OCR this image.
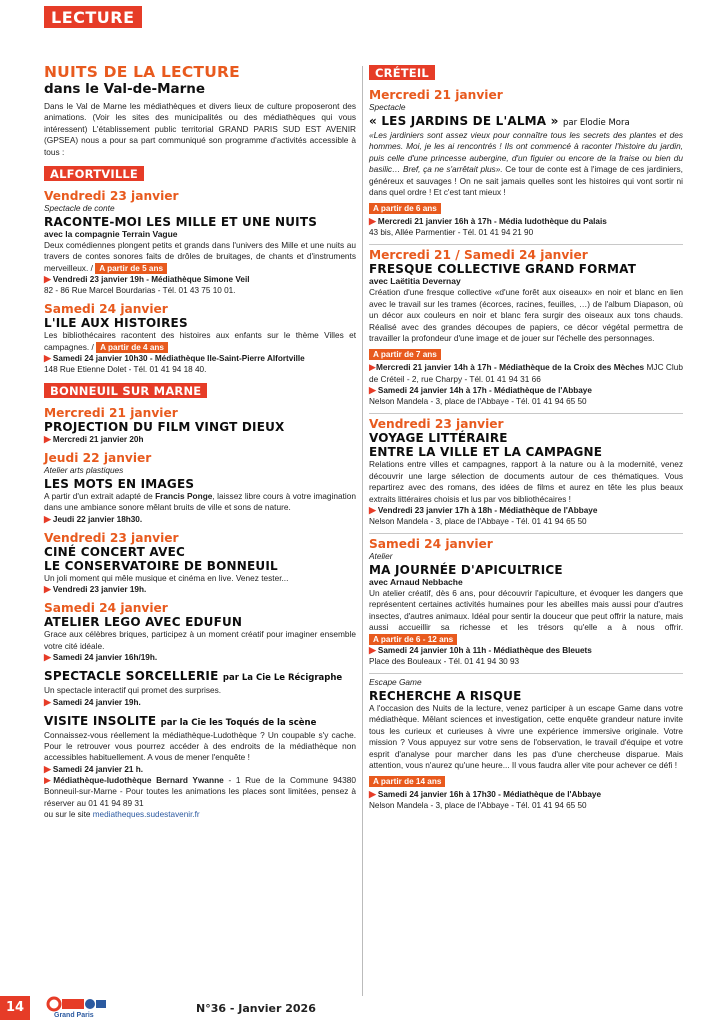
LECTURE
NUITS DE LA LECTURE
dans le Val-de-Marne

Dans le Val de Marne les médiathèques et divers lieux de culture proposeront des animations. (Voir les sites des municipalités ou des médiathèques qui vous intéressent) L'établissement public territorial GRAND PARIS SUD EST AVENIR (GPSEA) nous a pour sa part communiqué son programme d'activités accessible à tous :

ALFORTVILLE
Vendredi 23 janvier
Spectacle de conte
RACONTE-MOI LES MILLE ET UNE NUITS
avec la compagnie Terrain Vague

Deux comédiennes plongent petits et grands dans l'univers des Mille et une nuits au travers de contes sonores faits de drôles de bruitages, de chants et d'instruments merveilleux. / A partir de 5 ans

▶ Vendredi 23 janvier 19h - Médiathèque Simone Veil
82 - 86 Rue Marcel Bourdarias - Tél. 01 43 75 10 01.
Samedi 24 janvier
L'ILE AUX HISTOIRES

Les bibliothécaires racontent des histoires aux enfants sur le thème Villes et campagnes. / A partir de 4 ans

▶ Samedi 24 janvier 10h30 - Médiathèque Ile-Saint-Pierre Alfortville
148 Rue Etienne Dolet - Tél. 01 41 94 18 40.
BONNEUIL SUR MARNE
Mercredi 21 janvier
PROJECTION DU FILM VINGT DIEUX
▶ Mercredi 21 janvier 20h
Jeudi 22 janvier
Atelier arts plastiques
LES MOTS EN IMAGES

A partir d'un extrait adapté de Francis Ponge, laissez libre cours à votre imagination dans une ambiance sonore mêlant bruits de ville et sons de nature.

▶ Jeudi 22 janvier 18h30.
Vendredi 23 janvier
CINÉ CONCERT AVEC
LE CONSERVATOIRE DE BONNEUIL

Un joli moment qui mêle musique et cinéma en live. Venez tester...

▶ Vendredi 23 janvier 19h.
Samedi 24 janvier
ATELIER LEGO AVEC EDUFUN

Grace aux célèbres briques, participez à un moment créatif pour imaginer ensemble votre cité idéale.

▶ Samedi 24 janvier 16h/19h.
SPECTACLE SORCELLERIE par La Cie Le Récigraphe

Un spectacle interactif qui promet des surprises.

▶ Samedi 24 janvier 19h.
VISITE INSOLITE par la Cie les Toqués de la scène

Connaissez-vous réellement la médiathèque-Ludothèque ? Un coupable s'y cache. Pour le retrouver vous pourrez accéder à des endroits de la médiathèque non accessibles habituellement. A vous de mener l'enquête !

▶ Samedi 24 janvier 21 h.

▶Médiathèque-ludothèque Bernard Ywanne - 1 Rue de la Commune 94380 Bonneuil-sur-Marne - Pour toutes les animations les places sont limitées, pensez à réserver au 01 41 94 89 31

ou sur le site mediatheques.sudestavenir.fr
CRÉTEIL
Mercredi 21 janvier
Spectacle
« LES JARDINS DE L'ALMA » par Elodie Mora

«Les jardiniers sont assez vieux pour connaître tous les secrets des plantes et des hommes. Moi, je les ai rencontrés ! Ils ont commencé à raconter l'histoire du jardin, puis celle d'une princesse aubergine, d'un figuier ou encore de la fraise ou bien du basilic… Bref, ça ne s'arrêtait plus». Ce tour de conte est à l'image de ces jardiniers, généreux et sauvages ! On ne sait jamais quelles sont les histoires qui vont sortir ni dans quel ordre ! Et c'est tant mieux !

A partir de 6 ans
▶ Mercredi 21 janvier 16h à 17h - Média ludothèque du Palais
43 bis, Allée Parmentier - Tél. 01 41 94 21 90
Mercredi 21 / Samedi 24 janvier
FRESQUE COLLECTIVE GRAND FORMAT
avec Laëtitia Devernay

Création d'une fresque collective «d'une forêt aux oiseaux» en noir et blanc en lien avec le travail sur les trames (écorces, racines, feuilles, …) de l'album Diapason, où un décor aux couleurs en noir et blanc fera surgir des oiseaux aux tons chauds. Réalisé avec des grandes découpes de papiers, ce décor végétal permettra de travailler la profondeur d'une image et de jouer sur l'échelle des personnages.

A partir de 7 ans

▶Mercredi 21 janvier 14h à 17h - Médiathèque de la Croix des Mèches MJC Club de Créteil - 2, rue Charpy - Tél. 01 41 94 31 66

▶ Samedi 24 janvier 14h à 17h - Médiathèque de l'Abbaye
Nelson Mandela - 3, place de l'Abbaye - Tél. 01 41 94 65 50
Vendredi 23 janvier
VOYAGE LITTÉRAIRE
ENTRE LA VILLE ET LA CAMPAGNE

Relations entre villes et campagnes, rapport à la nature ou à la modernité, venez découvrir une large sélection de documents autour de ces thématiques. Vous repartirez avec des romans, des idées de films et aurez en tête les plus beaux extraits littéraires choisis et lus par vos bibliothécaires !

▶ Vendredi 23 janvier 17h à 18h - Médiathèque de l'Abbaye
Nelson Mandela - 3, place de l'Abbaye - Tél. 01 41 94 65 50
Samedi 24 janvier
Atelier
MA JOURNÉE D'APICULTRICE
avec Arnaud Nebbache

Un atelier créatif, dès 6 ans, pour découvrir l'apiculture, et évoquer les dangers que représentent certaines activités humaines pour les abeilles mais aussi pour d'autres insectes, d'autres animaux. Idéal pour sentir la douceur que peut offrir la nature, mais aussi accueillir sa richesse et les trésors qu'elle a à nous offrir. A partir de 6 - 12 ans

▶ Samedi 24 janvier 10h à 11h - Médiathèque des Bleuets
Place des Bouleaux - Tél. 01 41 94 30 93
Escape Game
RECHERCHE A RISQUE

A l'occasion des Nuits de la lecture, venez participer à un escape Game dans votre médiathèque. Mêlant sciences et investigation, cette enquête grandeur nature invite tous les curieux et curieuses à vivre une expérience immersive originale. Votre mission ? Vous appuyez sur votre sens de l'observation, le travail d'équipe et votre esprit d'analyse pour marcher dans les pas d'une chercheuse disparue. Mais attention, vous n'aurez qu'une heure... Il vous faudra aller vite pour achever ce défi !

A partir de 14 ans
▶ Samedi 24 janvier 16h à 17h30 - Médiathèque de l'Abbaye
Nelson Mandela - 3, place de l'Abbaye - Tél. 01 41 94 65 50
14
Grand Paris
N°36 - Janvier 2026
